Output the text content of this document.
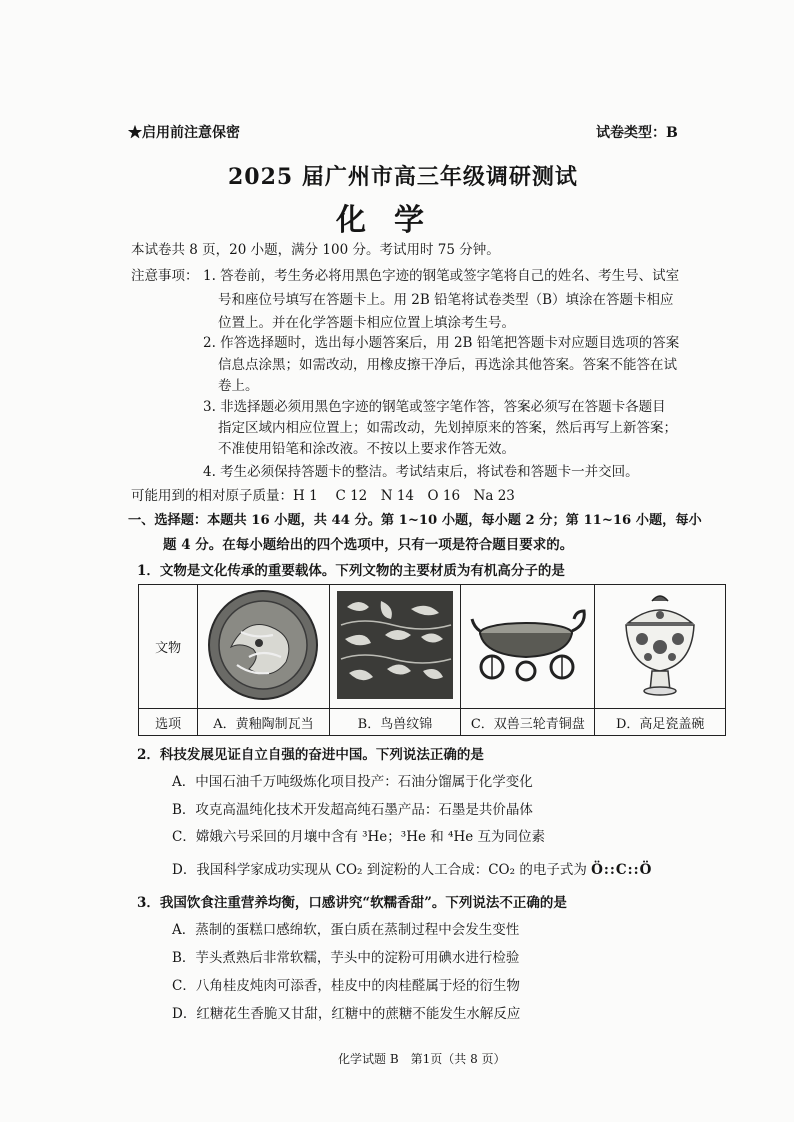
★启用前注意保密	试卷类型：B
2025 届广州市高三年级调研测试
化学
本试卷共 8 页，20 小题，满分 100 分。考试用时 75 分钟。
注意事项： 1. 答卷前，考生务必将用黑色字迹的钢笔或签字笔将自己的姓名、考生号、试室
号和座位号填写在答题卡上。用 2B 铅笔将试卷类型（B）填涂在答题卡相应
位置上。并在化学答题卡相应位置上填涂考生号。
2. 作答选择题时，选出每小题答案后，用 2B 铅笔把答题卡对应题目选项的答案
信息点涂黑；如需改动，用橡皮擦干净后，再选涂其他答案。答案不能答在试
卷上。
3. 非选择题必须用黑色字迹的钢笔或签字笔作答，答案必须写在答题卡各题目
指定区域内相应位置上；如需改动，先划掉原来的答案，然后再写上新答案；
不准使用铅笔和涂改液。不按以上要求作答无效。
4. 考生必须保持答题卡的整洁。考试结束后，将试卷和答题卡一并交回。
可能用到的相对原子质量：H 1　 C 12　N 14　O 16　Na 23
一、选择题：本题共 16 小题，共 44 分。第 1~10 小题，每小题 2 分；第 11~16 小题，每小
题 4 分。在每小题给出的四个选项中，只有一项是符合题目要求的。
1．文物是文化传承的重要载体。下列文物的主要材质为有机高分子的是
文物				
选项	A．黄釉陶制瓦当	B．鸟兽纹锦	C．双兽三轮青铜盘	D．高足瓷盖碗
2．科技发展见证自立自强的奋进中国。下列说法正确的是
A．中国石油千万吨级炼化项目投产：石油分馏属于化学变化
B．攻克高温纯化技术开发超高纯石墨产品：石墨是共价晶体
C．嫦娥六号采回的月壤中含有 ³He；³He 和 ⁴He 互为同位素
D．我国科学家成功实现从 CO₂ 到淀粉的人工合成：CO₂ 的电子式为 Ö::C::Ö
3．我国饮食注重营养均衡，口感讲究“软糯香甜”。下列说法不正确的是
A．蒸制的蛋糕口感绵软，蛋白质在蒸制过程中会发生变性
B．芋头煮熟后非常软糯，芋头中的淀粉可用碘水进行检验
C．八角桂皮炖肉可添香，桂皮中的肉桂醛属于烃的衍生物
D．红糖花生香脆又甘甜，红糖中的蔗糖不能发生水解反应
化学试题 B　第1页（共 8 页）
